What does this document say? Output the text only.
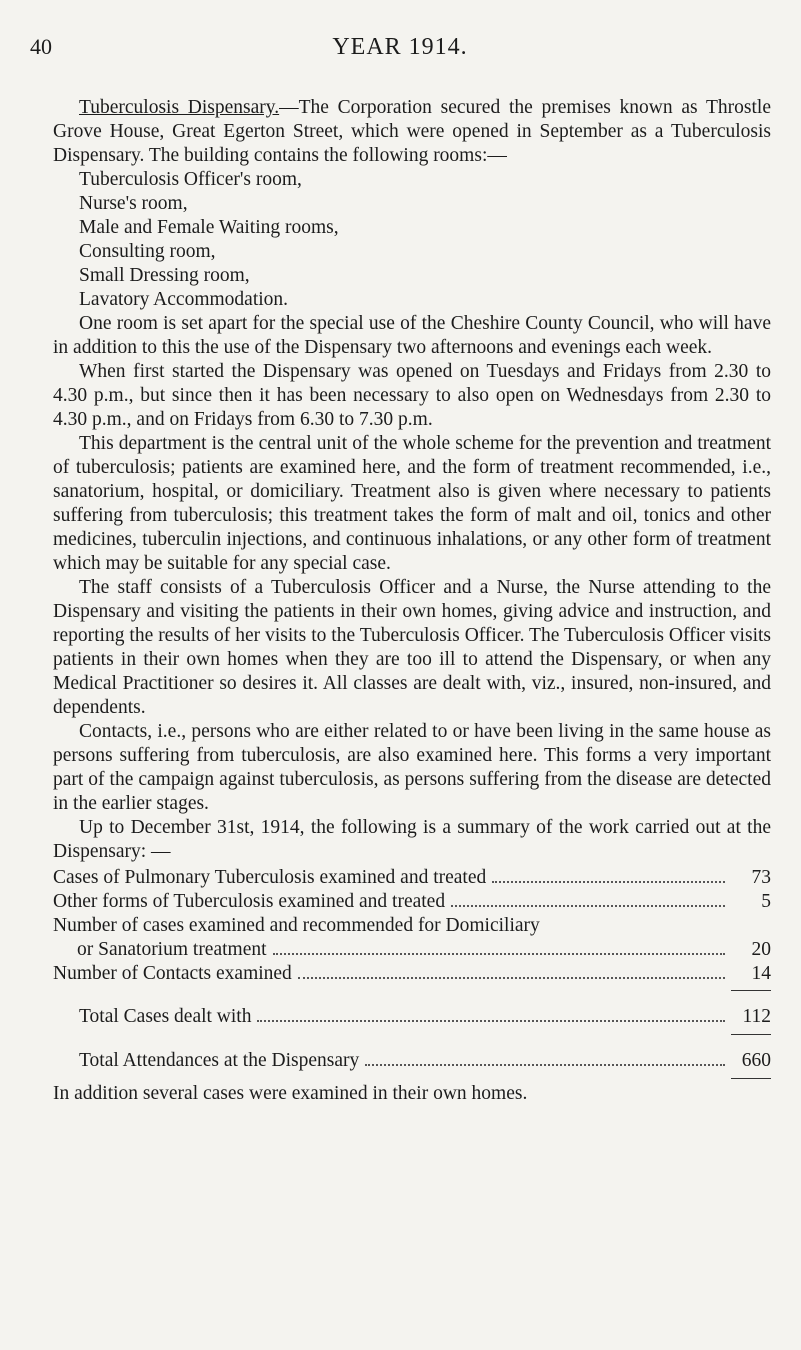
40	YEAR 1914.

Tuberculosis Dispensary.—The Corporation secured the premises known as Throstle Grove House, Great Egerton Street, which were opened in September as a Tuberculosis Dispensary. The building contains the following rooms:—

Tuberculosis Officer's room,
Nurse's room,
Male and Female Waiting rooms,
Consulting room,
Small Dressing room,
Lavatory Accommodation.

One room is set apart for the special use of the Cheshire County Council, who will have in addition to this the use of the Dispensary two afternoons and evenings each week.

When first started the Dispensary was opened on Tuesdays and Fridays from 2.30 to 4.30 p.m., but since then it has been necessary to also open on Wednesdays from 2.30 to 4.30 p.m., and on Fridays from 6.30 to 7.30 p.m.

This department is the central unit of the whole scheme for the prevention and treatment of tuberculosis; patients are examined here, and the form of treatment recommended, i.e., sanatorium, hospital, or domiciliary. Treatment also is given where necessary to patients suffering from tuberculosis; this treatment takes the form of malt and oil, tonics and other medicines, tuberculin injections, and continuous inhalations, or any other form of treatment which may be suitable for any special case.

The staff consists of a Tuberculosis Officer and a Nurse, the Nurse attending to the Dispensary and visiting the patients in their own homes, giving advice and instruction, and reporting the results of her visits to the Tuberculosis Officer. The Tuberculosis Officer visits patients in their own homes when they are too ill to attend the Dispensary, or when any Medical Practitioner so desires it. All classes are dealt with, viz., insured, non-insured, and dependents.

Contacts, i.e., persons who are either related to or have been living in the same house as persons suffering from tuberculosis, are also examined here. This forms a very important part of the campaign against tuberculosis, as persons suffering from the disease are detected in the earlier stages.

Up to December 31st, 1914, the following is a summary of the work carried out at the Dispensary: —

Cases of Pulmonary Tuberculosis examined and treated	73
Other forms of Tuberculosis examined and treated	5
Number of cases examined and recommended for Domiciliary
or Sanatorium treatment	20
Number of Contacts examined	14
Total Cases dealt with	112
Total Attendances at the Dispensary	660

In addition several cases were examined in their own homes.
